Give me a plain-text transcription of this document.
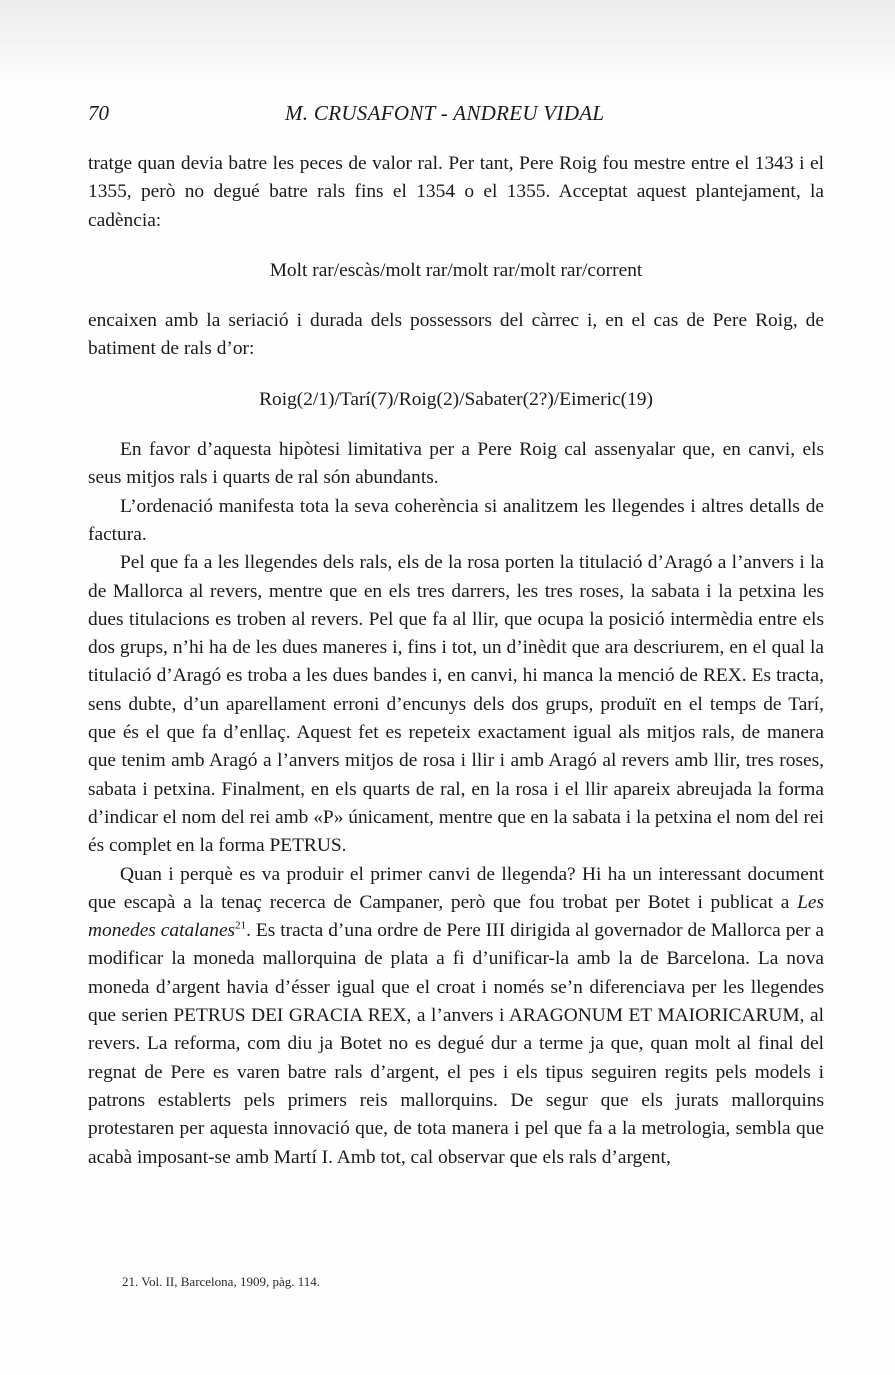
70	M. CRUSAFONT - ANDREU VIDAL

tratge quan devia batre les peces de valor ral. Per tant, Pere Roig fou mestre entre el 1343 i el 1355, però no degué batre rals fins el 1354 o el 1355. Acceptat aquest plantejament, la cadència:

Molt rar/escàs/molt rar/molt rar/molt rar/corrent

encaixen amb la seriació i durada dels possessors del càrrec i, en el cas de Pere Roig, de batiment de rals d’or:

Roig(2/1)/Tarí(7)/Roig(2)/Sabater(2?)/Eimeric(19)

En favor d’aquesta hipòtesi limitativa per a Pere Roig cal assenyalar que, en canvi, els seus mitjos rals i quarts de ral són abundants.

L’ordenació manifesta tota la seva coherència si analitzem les llegendes i altres detalls de factura.

Pel que fa a les llegendes dels rals, els de la rosa porten la titulació d’Aragó a l’anvers i la de Mallorca al revers, mentre que en els tres darrers, les tres roses, la sabata i la petxina les dues titulacions es troben al revers. Pel que fa al llir, que ocupa la posició intermèdia entre els dos grups, n’hi ha de les dues maneres i, fins i tot, un d’inèdit que ara descriurem, en el qual la titulació d’Aragó es troba a les dues bandes i, en canvi, hi manca la menció de REX. Es tracta, sens dubte, d’un aparellament erroni d’encunys dels dos grups, produït en el temps de Tarí, que és el que fa d’enllaç. Aquest fet es repeteix exactament igual als mitjos rals, de manera que tenim amb Aragó a l’anvers mitjos de rosa i llir i amb Aragó al revers amb llir, tres roses, sabata i petxina. Finalment, en els quarts de ral, en la rosa i el llir apareix abreujada la forma d’indicar el nom del rei amb «P» únicament, mentre que en la sabata i la petxina el nom del rei és complet en la forma PETRUS.

Quan i perquè es va produir el primer canvi de llegenda? Hi ha un interessant document que escapà a la tenaç recerca de Campaner, però que fou trobat per Botet i publicat a Les monedes catalanes$^{21}$. Es tracta d’una ordre de Pere III dirigida al governador de Mallorca per a modificar la moneda mallorquina de plata a fi d’unificar-la amb la de Barcelona. La nova moneda d’argent havia d’ésser igual que el croat i només se’n diferenciava per les llegendes que serien PETRUS DEI GRACIA REX, a l’anvers i ARAGONUM ET MAIORICARUM, al revers. La reforma, com diu ja Botet no es degué dur a terme ja que, quan molt al final del regnat de Pere es varen batre rals d’argent, el pes i els tipus seguiren regits pels models i patrons establerts pels primers reis mallorquins. De segur que els jurats mallorquins protestaren per aquesta innovació que, de tota manera i pel que fa a la metrologia, sembla que acabà imposant-se amb Martí I. Amb tot, cal observar que els rals d’argent,

21. Vol. II, Barcelona, 1909, pàg. 114.
